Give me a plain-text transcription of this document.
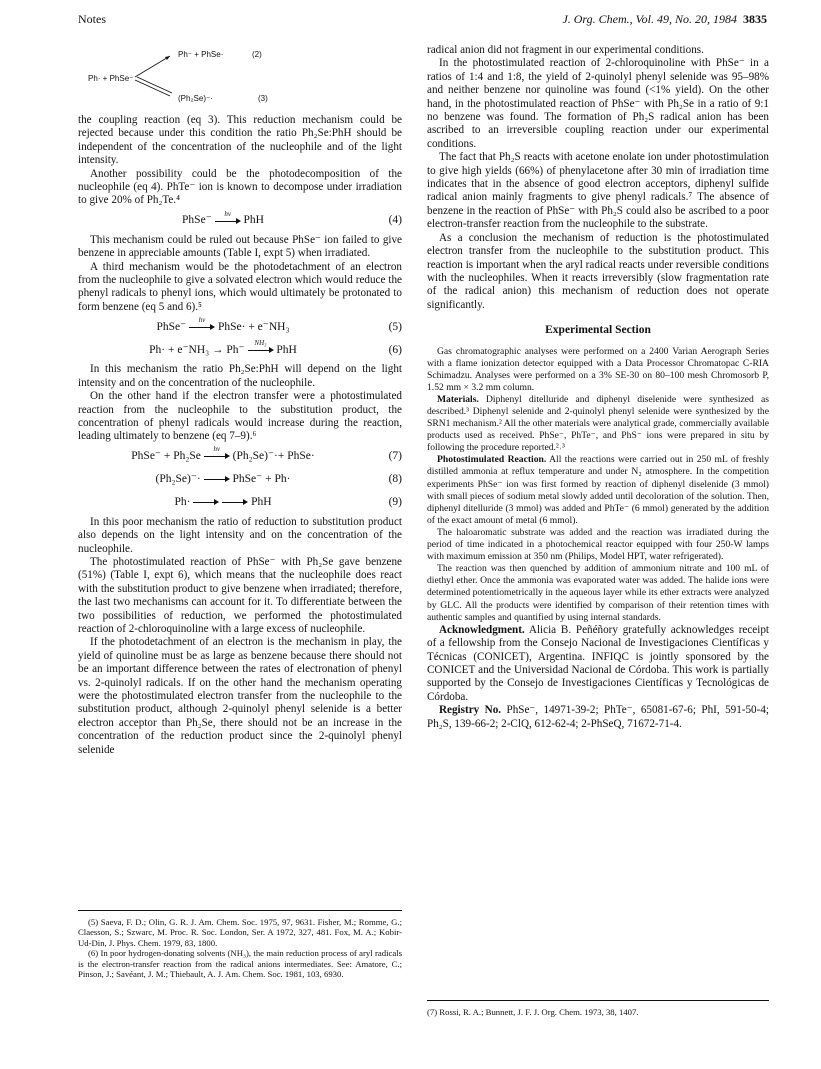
Notes	J. Org. Chem., Vol. 49, No. 20, 1984 3835
Ph· + PhSe⁻
Ph⁻ + PhSe·	(2)
(Ph₂Se)⁻·	(3)

the coupling reaction (eq 3). This reduction mechanism could be rejected because under this condition the ratio Ph₂Se:PhH should be independent of the concentration of the nucleophile and of the light intensity.

Another possibility could be the photodecomposition of the nucleophile (eq 4). PhTe⁻ ion is known to decompose under irradiation to give 20% of Ph₂Te.⁴

PhSe⁻
hν
PhH	(4)

This mechanism could be ruled out because PhSe⁻ ion failed to give benzene in appreciable amounts (Table I, expt 5) when irradiated.

A third mechanism would be the photodetachment of an electron from the nucleophile to give a solvated electron which would reduce the phenyl radicals to phenyl ions, which would ultimately be protonated to form benzene (eq 5 and 6).⁵

PhSe⁻
hν
PhSe· + e⁻NH₃	(5)
Ph· + e⁻NH₃ → Ph⁻
NH₃
PhH	(6)

In this mechanism the ratio Ph₂Se:PhH will depend on the light intensity and on the concentration of the nucleophile.

On the other hand if the electron transfer were a photostimulated reaction from the nucleophile to the substitution product, the concentration of phenyl radicals would increase during the reaction, leading ultimately to benzene (eq 7–9).⁶

PhSe⁻ + Ph₂Se
hν
(Ph₂Se)⁻·+ PhSe·	(7)
(Ph₂Se)⁻·	PhSe⁻ + Ph·	(8)
Ph·	PhH	(9)

In this poor mechanism the ratio of reduction to substitution product also depends on the light intensity and on the concentration of the nucleophile.

The photostimulated reaction of PhSe⁻ with Ph₂Se gave benzene (51%) (Table I, expt 6), which means that the nucleophile does react with the substitution product to give benzene when irradiated; therefore, the last two mechanisms can account for it. To differentiate between the two possibilities of reduction, we performed the photostimulated reaction of 2-chloroquinoline with a large excess of nucleophile.

If the photodetachment of an electron is the mechanism in play, the yield of quinoline must be as large as benzene because there should not be an important difference between the rates of electronation of phenyl vs. 2-quinolyl radicals. If on the other hand the mechanism operating were the photostimulated electron transfer from the nucleophile to the substitution product, although 2-quinolyl phenyl selenide is a better electron acceptor than Ph₂Se, there should not be an increase in the concentration of the reduction product since the 2-quinolyl phenyl selenide

(5) Saeva, F. D.; Olin, G. R. J. Am. Chem. Soc. 1975, 97, 9631. Fisher, M.; Romme, G.; Claesson, S.; Szwarc, M. Proc. R. Soc. London, Ser. A 1972, 327, 481. Fox, M. A.; Kobir-Ud-Din, J. Phys. Chem. 1979, 83, 1800.
(6) In poor hydrogen-donating solvents (NH₃), the main reduction process of aryl radicals is the electron-transfer reaction from the radical anions intermediates. See: Amatore, C.; Pinson, J.; Savéant, J. M.; Thiebault, A. J. Am. Chem. Soc. 1981, 103, 6930.

radical anion did not fragment in our experimental conditions.

In the photostimulated reaction of 2-chloroquinoline with PhSe⁻ in a ratios of 1:4 and 1:8, the yield of 2-quinolyl phenyl selenide was 95–98% and neither benzene nor quinoline was found (<1% yield). On the other hand, in the photostimulated reaction of PhSe⁻ with Ph₂Se in a ratio of 9:1 no benzene was found. The formation of Ph₂S radical anion has been ascribed to an irreversible coupling reaction under our experimental conditions.

The fact that Ph₂S reacts with acetone enolate ion under photostimulation to give high yields (66%) of phenylacetone after 30 min of irradiation time indicates that in the absence of good electron acceptors, diphenyl sulfide radical anion mainly fragments to give phenyl radicals.⁷ The absence of benzene in the reaction of PhSe⁻ with Ph₂S could also be ascribed to a poor electron-transfer reaction from the nucleophile to the substrate.

As a conclusion the mechanism of reduction is the photostimulated electron transfer from the nucleophile to the substitution product. This reaction is important when the aryl radical reacts under reversible conditions with the nucleophiles. When it reacts irreversibly (slow fragmentation rate of the radical anion) this mechanism of reduction does not operate significantly.

Experimental Section

Gas chromatographic analyses were performed on a 2400 Varian Aerograph Series with a flame ionization detector equipped with a Data Processor Chromatopac C-RIA Schimadzu. Analyses were performed on a 3% SE-30 on 80–100 mesh Chromosorb P, 1.52 mm × 3.2 mm column.

Materials. Diphenyl ditelluride and diphenyl diselenide were synthesized as described.³ Diphenyl selenide and 2-quinolyl phenyl selenide were synthesized by the SRN1 mechanism.² All the other materials were analytical grade, commercially available products used as received. PhSe⁻, PhTe⁻, and PhS⁻ ions were prepared in situ by following the procedure reported.²˒³

Photostimulated Reaction. All the reactions were carried out in 250 mL of freshly distilled ammonia at reflux temperature and under N₂ atmosphere. In the competition experiments PhSe⁻ ion was first formed by reaction of diphenyl diselenide (3 mmol) with small pieces of sodium metal slowly added until decoloration of the solution. Then, diphenyl ditelluride (3 mmol) was added and PhTe⁻ (6 mmol) generated by the addition of the exact amount of metal (6 mmol).

The haloaromatic substrate was added and the reaction was irradiated during the period of time indicated in a photochemical reactor equipped with four 250-W lamps with maximum emission at 350 nm (Philips, Model HPT, water refrigerated).

The reaction was then quenched by addition of ammonium nitrate and 100 mL of diethyl ether. Once the ammonia was evaporated water was added. The halide ions were determined potentiometrically in the aqueous layer while its ether extracts were analyzed by GLC. All the products were identified by comparison of their retention times with authentic samples and quantified by using internal standards.

Acknowledgment. Alicia B. Peñéñory gratefully acknowledges receipt of a fellowship from the Consejo Nacional de Investigaciones Científicas y Técnicas (CONICET), Argentina. INFIQC is jointly sponsored by the CONICET and the Universidad Nacional de Córdoba. This work is partially supported by the Consejo de Investigaciones Científicas y Tecnológicas de Córdoba.

Registry No. PhSe⁻, 14971-39-2; PhTe⁻, 65081-67-6; PhI, 591-50-4; Ph₂S, 139-66-2; 2-ClQ, 612-62-4; 2-PhSeQ, 71672-71-4.

(7) Rossi, R. A.; Bunnett, J. F. J. Org. Chem. 1973, 38, 1407.
